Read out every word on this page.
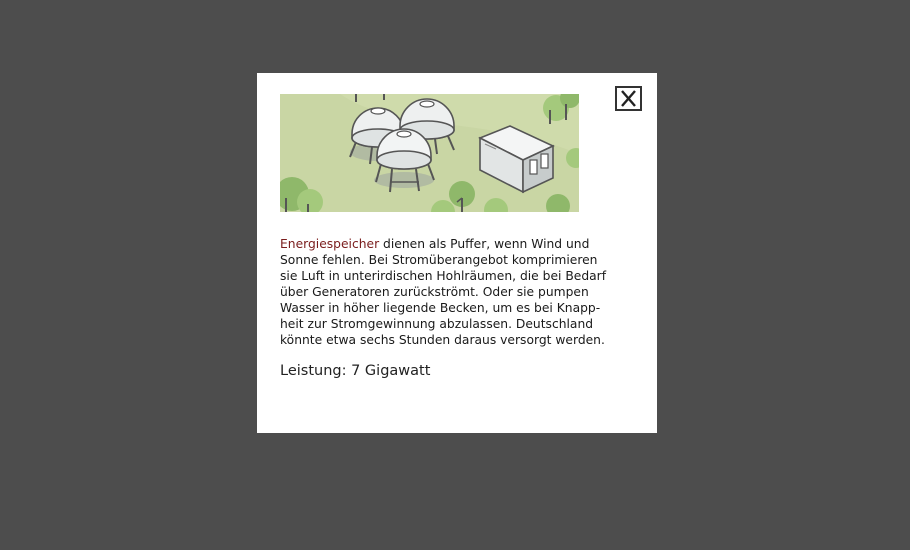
Energiespeicher dienen als Puffer, wenn Wind und
Sonne fehlen. Bei Stromüberangebot komprimieren
sie Luft in unterirdischen Hohlräumen, die bei Bedarf
über Generatoren zurückströmt. Oder sie pumpen
Wasser in höher liegende Becken, um es bei Knapp-
heit zur Stromgewinnung abzulassen. Deutschland
könnte etwa sechs Stunden daraus versorgt werden.

Leistung: 7 Gigawatt
